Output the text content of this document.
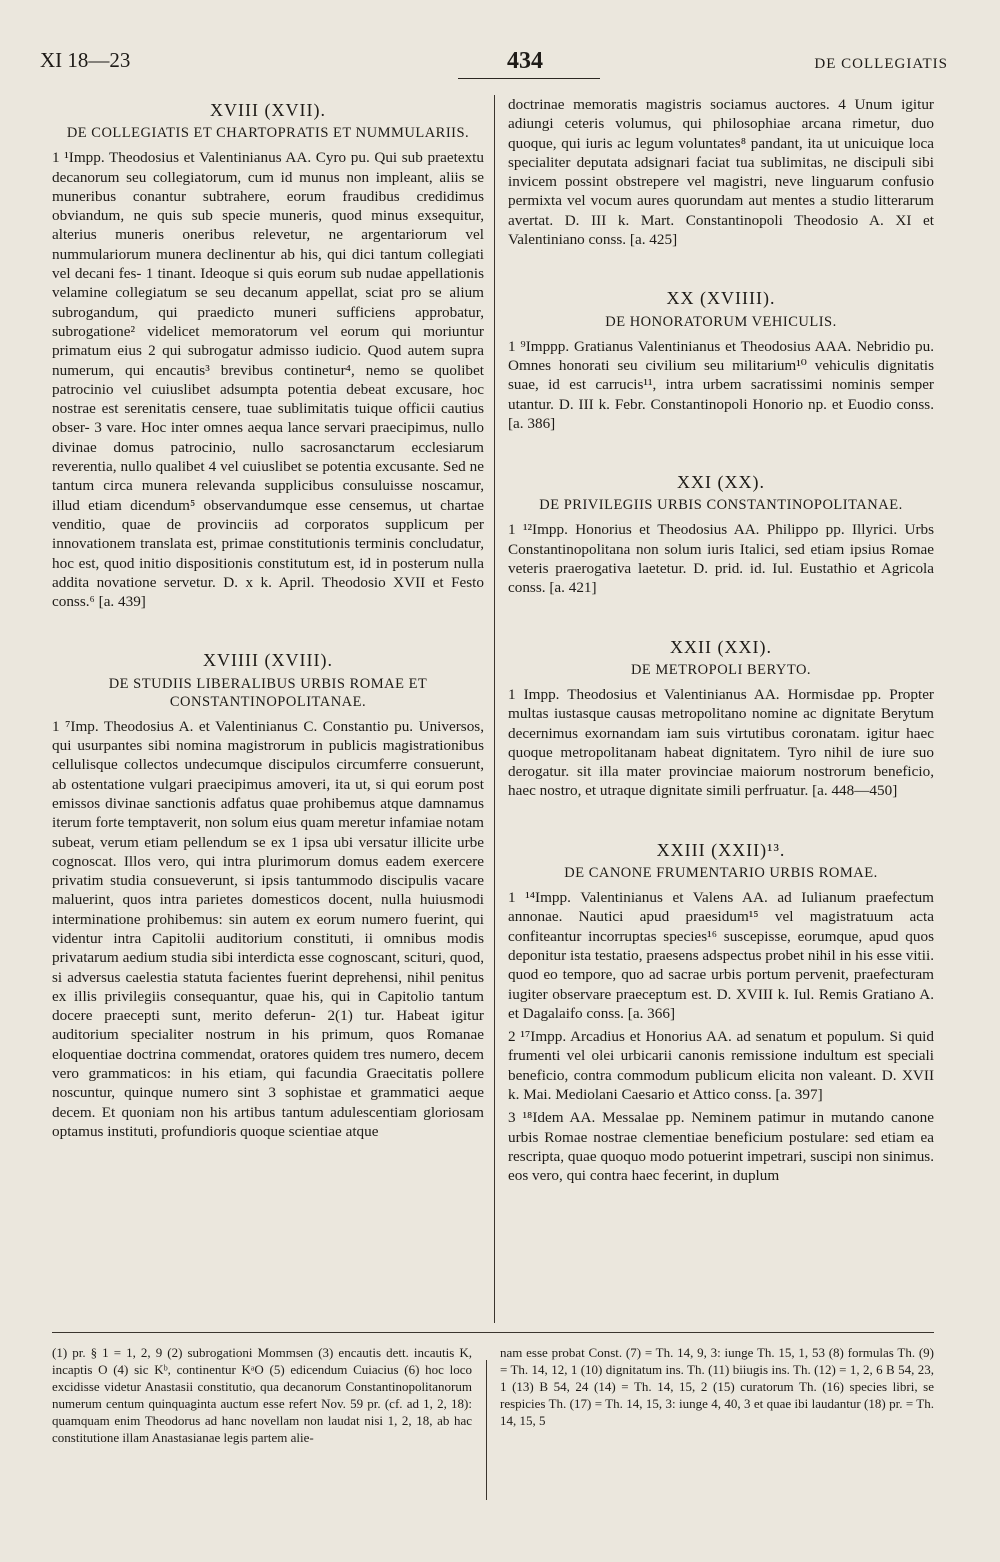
XI 18—23	434	DE COLLEGIATIS
XVIII (XVII).
DE COLLEGIATIS ET CHARTOPRATIS ET NUMMULARIIS.

1 ¹Impp. Theodosius et Valentinianus AA. Cyro pu. Qui sub praetextu decanorum seu collegiatorum, cum id munus non impleant, aliis se muneribus conantur subtrahere, eorum fraudibus credidimus obviandum, ne quis sub specie muneris, quod minus exsequitur, alterius muneris oneribus relevetur, ne argentariorum vel nummulariorum munera declinentur ab his, qui dici tantum collegiati vel decani fes- 1 tinant. Ideoque si quis eorum sub nudae appellationis velamine collegiatum se seu decanum appellat, sciat pro se alium subrogandum, qui praedicto muneri sufficiens approbatur, subrogatione² videlicet memoratorum vel eorum qui moriuntur primatum eius 2 qui subrogatur admisso iudicio. Quod autem supra numerum, qui encautis³ brevibus continetur⁴, nemo se quolibet patrocinio vel cuiuslibet adsumpta potentia debeat excusare, hoc nostrae est serenitatis censere, tuae sublimitatis tuique officii cautius obser- 3 vare. Hoc inter omnes aequa lance servari praecipimus, nullo divinae domus patrocinio, nullo sacrosanctarum ecclesiarum reverentia, nullo qualibet 4 vel cuiuslibet se potentia excusante. Sed ne tantum circa munera relevanda supplicibus consuluisse noscamur, illud etiam dicendum⁵ observandumque esse censemus, ut chartae venditio, quae de provinciis ad corporatos supplicum per innovationem translata est, primae constitutionis terminis concludatur, hoc est, quod initio dispositionis constitutum est, id in posterum nulla addita novatione servetur. D. x k. April. Theodosio XVII et Festo conss.⁶ [a. 439]

XVIIII (XVIII).
DE STUDIIS LIBERALIBUS URBIS ROMAE ET CONSTANTINOPOLITANAE.

1 ⁷Imp. Theodosius A. et Valentinianus C. Constantio pu. Universos, qui usurpantes sibi nomina magistrorum in publicis magistrationibus cellulisque collectos undecumque discipulos circumferre consuerunt, ab ostentatione vulgari praecipimus amoveri, ita ut, si qui eorum post emissos divinae sanctionis adfatus quae prohibemus atque damnamus iterum forte temptaverit, non solum eius quam meretur infamiae notam subeat, verum etiam pellendum se ex 1 ipsa ubi versatur illicite urbe cognoscat. Illos vero, qui intra plurimorum domus eadem exercere privatim studia consueverunt, si ipsis tantummodo discipulis vacare maluerint, quos intra parietes domesticos docent, nulla huiusmodi interminatione prohibemus: sin autem ex eorum numero fuerint, qui videntur intra Capitolii auditorium constituti, ii omnibus modis privatarum aedium studia sibi interdicta esse cognoscant, scituri, quod, si adversus caelestia statuta facientes fuerint deprehensi, nihil penitus ex illis privilegiis consequantur, quae his, qui in Capitolio tantum docere praecepti sunt, merito deferun- 2(1) tur. Habeat igitur auditorium specialiter nostrum in his primum, quos Romanae eloquentiae doctrina commendat, oratores quidem tres numero, decem vero grammaticos: in his etiam, qui facundia Graecitatis pollere noscuntur, quinque numero sint 3 sophistae et grammatici aeque decem. Et quoniam non his artibus tantum adulescentiam gloriosam optamus instituti, profundioris quoque scientiae atque

doctrinae memoratis magistris sociamus auctores. 4 Unum igitur adiungi ceteris volumus, qui philosophiae arcana rimetur, duo quoque, qui iuris ac legum voluntates⁸ pandant, ita ut unicuique loca specialiter deputata adsignari faciat tua sublimitas, ne discipuli sibi invicem possint obstrepere vel magistri, neve linguarum confusio permixta vel vocum aures quorundam aut mentes a studio litterarum avertat. D. III k. Mart. Constantinopoli Theodosio A. XI et Valentiniano conss. [a. 425]

XX (XVIIII).
DE HONORATORUM VEHICULIS.

1 ⁹Imppp. Gratianus Valentinianus et Theodosius AAA. Nebridio pu. Omnes honorati seu civilium seu militarium¹⁰ vehiculis dignitatis suae, id est carrucis¹¹, intra urbem sacratissimi nominis semper utantur. D. III k. Febr. Constantinopoli Honorio np. et Euodio conss. [a. 386]

XXI (XX).
DE PRIVILEGIIS URBIS CONSTANTINOPOLITANAE.

1 ¹²Impp. Honorius et Theodosius AA. Philippo pp. Illyrici. Urbs Constantinopolitana non solum iuris Italici, sed etiam ipsius Romae veteris praerogativa laetetur. D. prid. id. Iul. Eustathio et Agricola conss. [a. 421]

XXII (XXI).
DE METROPOLI BERYTO.

1 Impp. Theodosius et Valentinianus AA. Hormisdae pp. Propter multas iustasque causas metropolitano nomine ac dignitate Berytum decernimus exornandam iam suis virtutibus coronatam. igitur haec quoque metropolitanam habeat dignitatem. Tyro nihil de iure suo derogatur. sit illa mater provinciae maiorum nostrorum beneficio, haec nostro, et utraque dignitate simili perfruatur. [a. 448—450]

XXIII (XXII)¹³.
DE CANONE FRUMENTARIO URBIS ROMAE.

1 ¹⁴Impp. Valentinianus et Valens AA. ad Iulianum praefectum annonae. Nautici apud praesidum¹⁵ vel magistratuum acta confiteantur incorruptas species¹⁶ suscepisse, eorumque, apud quos deponitur ista testatio, praesens adspectus probet nihil in his esse vitii. quod eo tempore, quo ad sacrae urbis portum pervenit, praefecturam iugiter observare praeceptum est. D. XVIII k. Iul. Remis Gratiano A. et Dagalaifo conss. [a. 366]

2 ¹⁷Impp. Arcadius et Honorius AA. ad senatum et populum. Si quid frumenti vel olei urbicarii canonis remissione indultum est speciali beneficio, contra commodum publicum elicita non valeant. D. XVII k. Mai. Mediolani Caesario et Attico conss. [a. 397]

3 ¹⁸Idem AA. Messalae pp. Neminem patimur in mutando canone urbis Romae nostrae clementiae beneficium postulare: sed etiam ea rescripta, quae quoquo modo potuerint impetrari, suscipi non sinimus. eos vero, qui contra haec fecerint, in duplum

(1) pr. § 1 = 1, 2, 9 (2) subrogationi Mommsen (3) encautis dett. incautis K, incaptis O (4) sic Kᵇ, continentur KᵃO (5) edicendum Cuiacius (6) hoc loco excidisse videtur Anastasii constitutio, qua decanorum Constantinopolitanorum numerum centum quinquaginta auctum esse refert Nov. 59 pr. (cf. ad 1, 2, 18): quamquam enim Theodorus ad hanc novellam non laudat nisi 1, 2, 18, ab hac constitutione illam Anastasianae legis partem alie-
nam esse probat Const. (7) = Th. 14, 9, 3: iunge Th. 15, 1, 53 (8) formulas Th. (9) = Th. 14, 12, 1 (10) dignitatum ins. Th. (11) biiugis ins. Th. (12) = 1, 2, 6 B 54, 23, 1 (13) B 54, 24 (14) = Th. 14, 15, 2 (15) curatorum Th. (16) species libri, se respicies Th. (17) = Th. 14, 15, 3: iunge 4, 40, 3 et quae ibi laudantur (18) pr. = Th. 14, 15, 5
